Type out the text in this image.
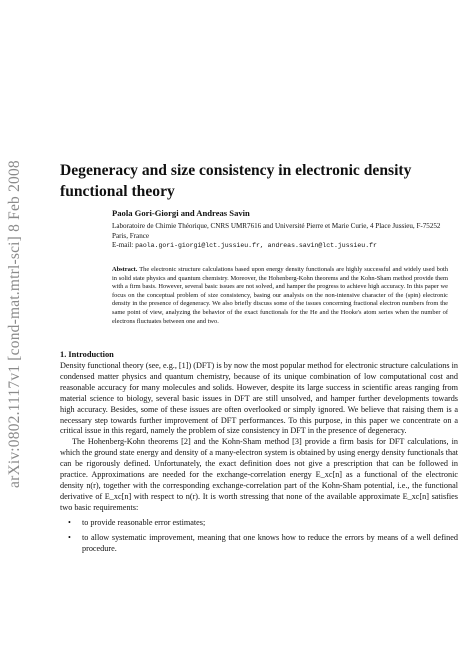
arXiv:0802.1117v1 [cond-mat.mtrl-sci] 8 Feb 2008	Degeneracy and size consistency in electronic density functional theory
Paola Gori-Giorgi and Andreas Savin
Laboratoire de Chimie Théorique, CNRS UMR7616 and Université Pierre et Marie Curie, 4 Place Jussieu, F-75252 Paris, France
E-mail: paola.gori-giorgi@lct.jussieu.fr, andreas.savin@lct.jussieu.fr
Abstract. The electronic structure calculations based upon energy density functionals are highly successful and widely used both in solid state physics and quantum chemistry. Moreover, the Hohenberg-Kohn theorems and the Kohn-Sham method provide them with a firm basis. However, several basic issues are not solved, and hamper the progress to achieve high accuracy. In this paper we focus on the conceptual problem of size consistency, basing our analysis on the non-intensive character of the (spin) electronic density in the presence of degeneracy. We also briefly discuss some of the issues concerning fractional electron numbers from the same point of view, analyzing the behavior of the exact functionals for the He and the Hooke's atom series when the number of electrons fluctuates between one and two.
1. Introduction

Density functional theory (see, e.g., [1]) (DFT) is by now the most popular method for electronic structure calculations in condensed matter physics and quantum chemistry, because of its unique combination of low computational cost and reasonable accuracy for many molecules and solids. However, despite its large success in scientific areas ranging from material science to biology, several basic issues in DFT are still unsolved, and hamper further developments towards high accuracy. Besides, some of these issues are often overlooked or simply ignored. We believe that raising them is a necessary step towards further improvement of DFT performances. To this purpose, in this paper we concentrate on a critical issue in this regard, namely the problem of size consistency in DFT in the presence of degeneracy.

The Hohenberg-Kohn theorems [2] and the Kohn-Sham method [3] provide a firm basis for DFT calculations, in which the ground state energy and density of a many-electron system is obtained by using energy density functionals that can be rigorously defined. Unfortunately, the exact definition does not give a prescription that can be followed in practice. Approximations are needed for the exchange-correlation energy E_xc[n] as a functional of the electronic density n(r), together with the corresponding exchange-correlation part of the Kohn-Sham potential, i.e., the functional derivative of E_xc[n] with respect to n(r). It is worth stressing that none of the available approximate E_xc[n] satisfies two basic requirements:

• to provide reasonable error estimates;
• to allow systematic improvement, meaning that one knows how to reduce the errors by means of a well defined procedure.
